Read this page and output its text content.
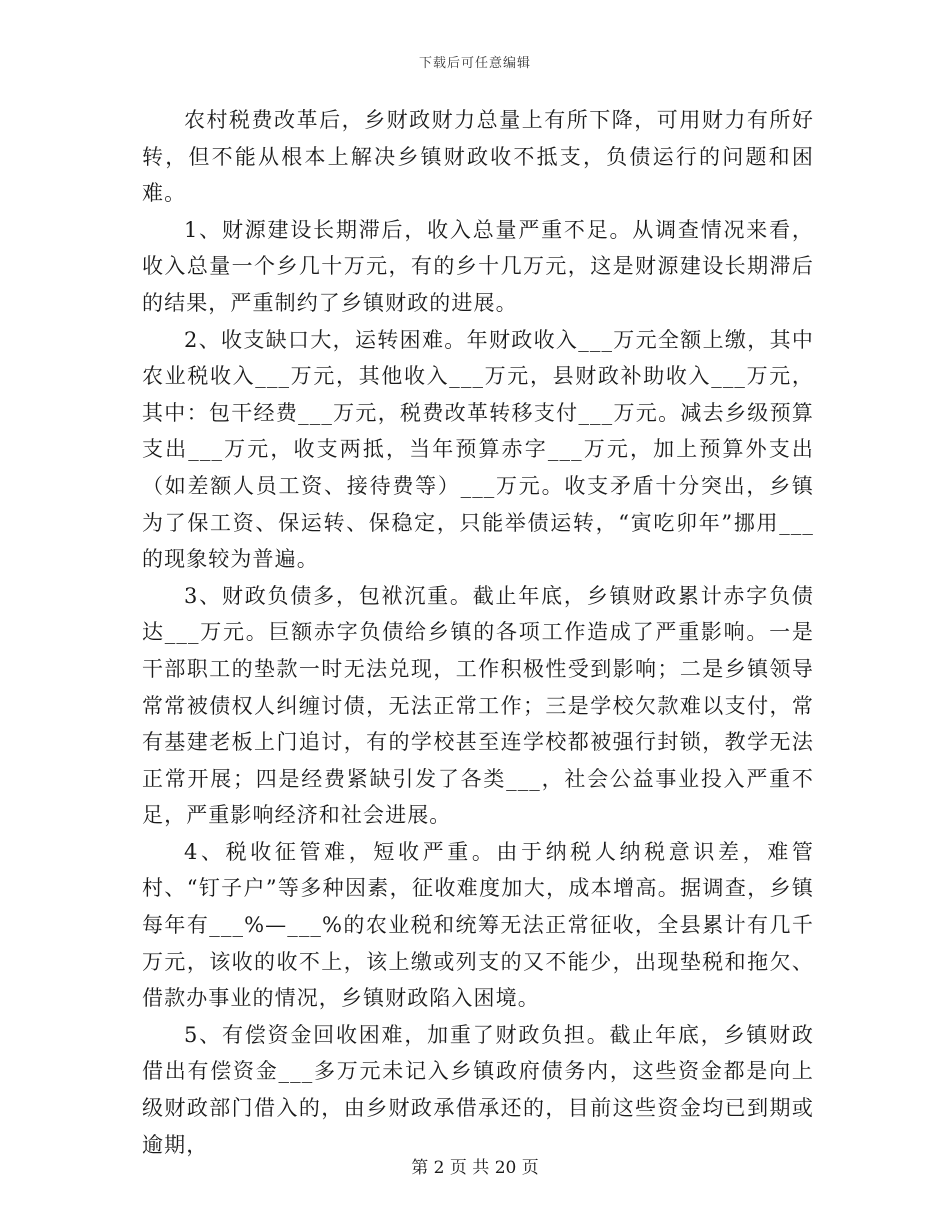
下载后可任意编辑

农村税费改革后，乡财政财力总量上有所下降，可用财力有所好转，但不能从根本上解决乡镇财政收不抵支，负债运行的问题和困难。

1、财源建设长期滞后，收入总量严重不足。从调查情况来看，收入总量一个乡几十万元，有的乡十几万元，这是财源建设长期滞后的结果，严重制约了乡镇财政的进展。

2、收支缺口大，运转困难。年财政收入___万元全额上缴，其中农业税收入___万元，其他收入___万元，县财政补助收入___万元，其中：包干经费___万元，税费改革转移支付___万元。减去乡级预算支出___万元，收支两抵，当年预算赤字___万元，加上预算外支出（如差额人员工资、接待费等）___万元。收支矛盾十分突出，乡镇为了保工资、保运转、保稳定，只能举债运转，“寅吃卯年”挪用___的现象较为普遍。

3、财政负债多，包袱沉重。截止年底，乡镇财政累计赤字负债达___万元。巨额赤字负债给乡镇的各项工作造成了严重影响。一是干部职工的垫款一时无法兑现，工作积极性受到影响；二是乡镇领导常常被债权人纠缠讨债，无法正常工作；三是学校欠款难以支付，常有基建老板上门追讨，有的学校甚至连学校都被强行封锁，教学无法正常开展；四是经费紧缺引发了各类___，社会公益事业投入严重不足，严重影响经济和社会进展。

4、税收征管难，短收严重。由于纳税人纳税意识差，难管村、“钉子户”等多种因素，征收难度加大，成本增高。据调查，乡镇每年有___%—___%的农业税和统筹无法正常征收，全县累计有几千万元，该收的收不上，该上缴或列支的又不能少，出现垫税和拖欠、借款办事业的情况，乡镇财政陷入困境。

5、有偿资金回收困难，加重了财政负担。截止年底，乡镇财政借出有偿资金___多万元未记入乡镇政府债务内，这些资金都是向上级财政部门借入的，由乡财政承借承还的，目前这些资金均已到期或逾期，

第 2 页 共 20 页
